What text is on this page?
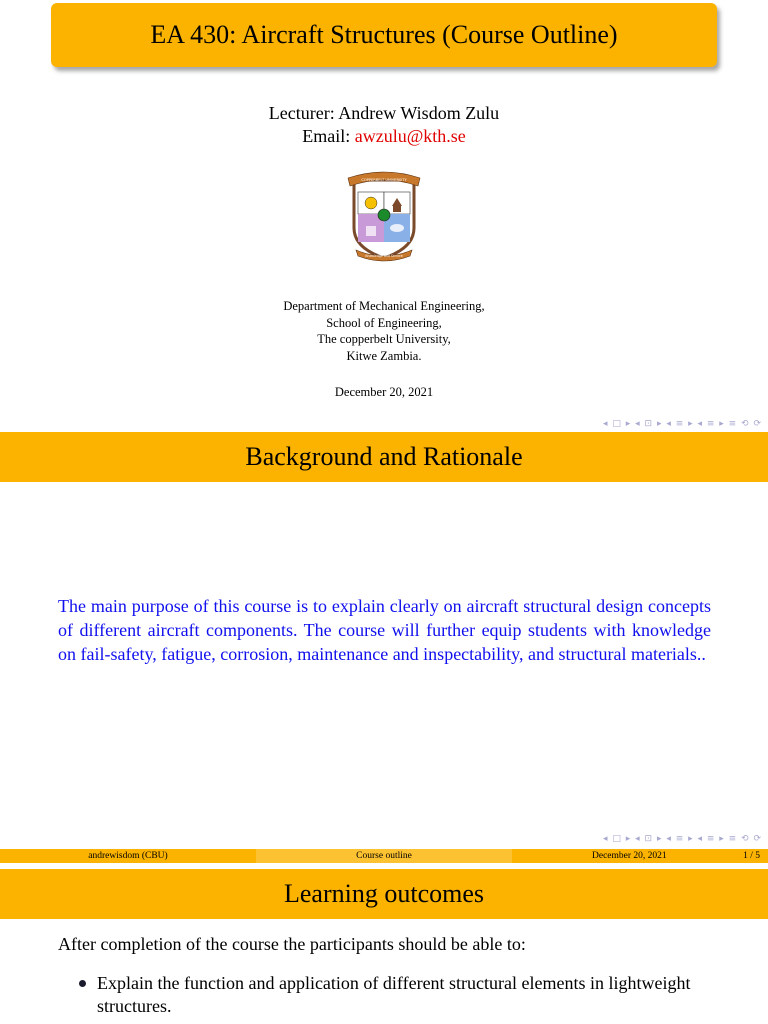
EA 430: Aircraft Structures (Course Outline)
Lecturer: Andrew Wisdom Zulu
Email: awzulu@kth.se
COPPERBELT UNIVERSITY
Knowledge and Service
Department of Mechanical Engineering,
School of Engineering,
The copperbelt University,
Kitwe Zambia.
December 20, 2021
◂ □ ▸ ◂ ⊡ ▸ ◂ ≡ ▸ ◂ ≡ ▸ ≡ ⟲ ⟳
Background and Rationale
The main purpose of this course is to explain clearly on aircraft structural design concepts of different aircraft components. The course will further equip students with knowledge on fail-safety, fatigue, corrosion, maintenance and inspectability, and structural materials..
◂ □ ▸ ◂ ⊡ ▸ ◂ ≡ ▸ ◂ ≡ ▸ ≡ ⟲ ⟳
andrewisdom (CBU)	Course outline	December 20, 2021	1 / 5
Learning outcomes
After completion of the course the participants should be able to:
Explain the function and application of different structural elements in lightweight structures.
